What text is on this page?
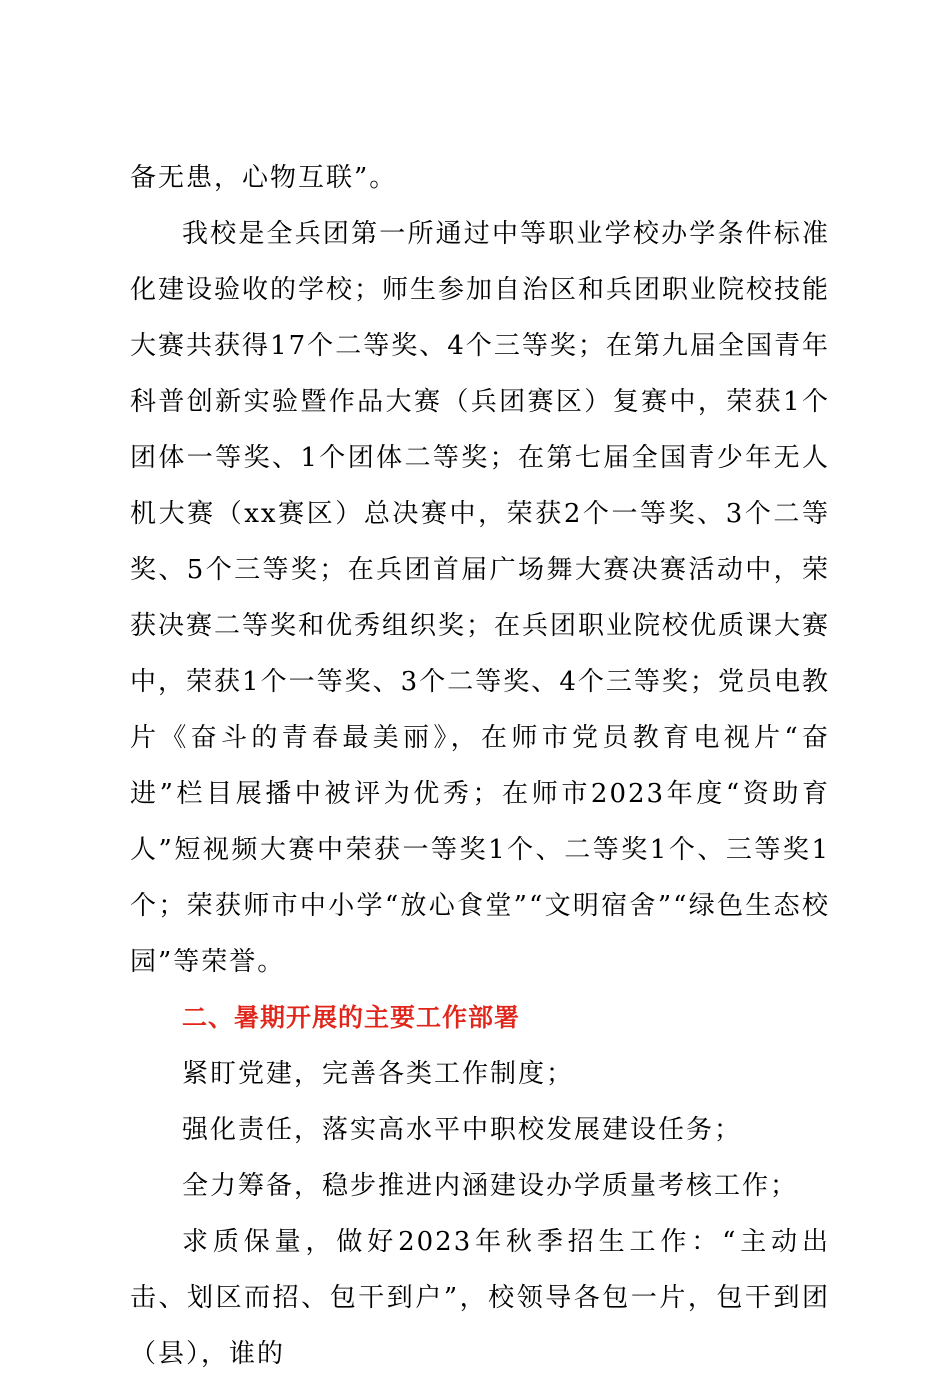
备无患，心物互联”。

我校是全兵团第一所通过中等职业学校办学条件标准化建设验收的学校；师生参加自治区和兵团职业院校技能大赛共获得17个二等奖、4个三等奖；在第九届全国青年科普创新实验暨作品大赛（兵团赛区）复赛中，荣获1个团体一等奖、1个团体二等奖；在第七届全国青少年无人机大赛（xx赛区）总决赛中，荣获2个一等奖、3个二等奖、5个三等奖；在兵团首届广场舞大赛决赛活动中，荣获决赛二等奖和优秀组织奖；在兵团职业院校优质课大赛中，荣获1个一等奖、3个二等奖、4个三等奖；党员电教片《奋斗的青春最美丽》，在师市党员教育电视片“奋进”栏目展播中被评为优秀；在师市2023年度“资助育人”短视频大赛中荣获一等奖1个、二等奖1个、三等奖1个；荣获师市中小学“放心食堂”“文明宿舍”“绿色生态校园”等荣誉。

二、暑期开展的主要工作部署

紧盯党建，完善各类工作制度；

强化责任，落实高水平中职校发展建设任务；

全力筹备，稳步推进内涵建设办学质量考核工作；

求质保量，做好2023年秋季招生工作：“主动出击、划区而招、包干到户”，校领导各包一片，包干到团（县），谁的
